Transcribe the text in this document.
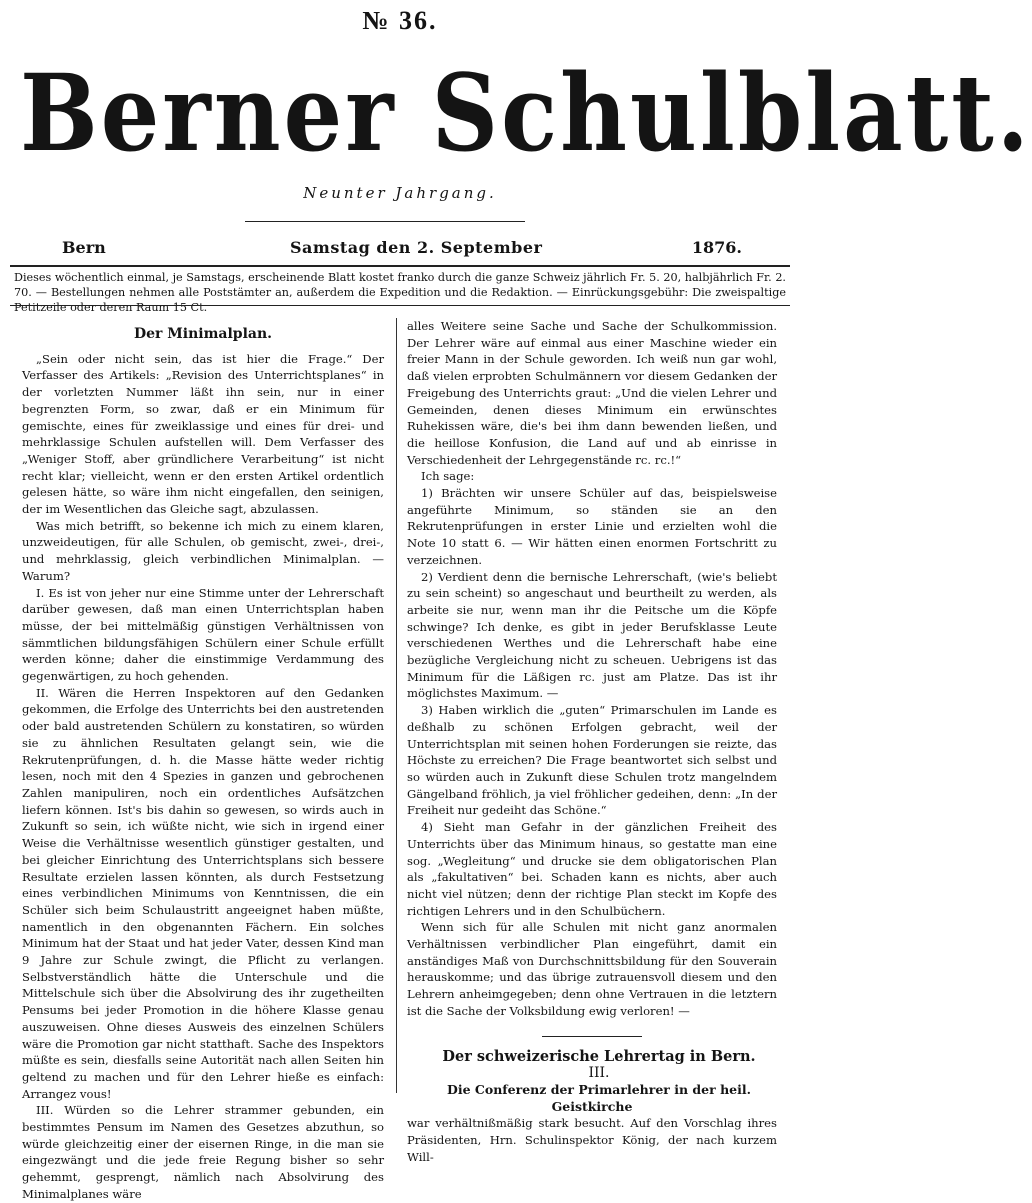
№ 36.
Berner Schulblatt.
Neunter Jahrgang.
Bern	Samstag den 2. September	1876.
Dieses wöchentlich einmal, je Samstags, erscheinende Blatt kostet franko durch die ganze Schweiz jährlich Fr. 5. 20, halbjährlich Fr. 2. 70. — Bestellungen nehmen alle Poststämter an, außerdem die Expedition und die Redaktion. — Einrückungsgebühr: Die zweispaltige Petitzeile oder deren Raum 15 Ct.

Der Minimalplan.

„Sein oder nicht sein, das ist hier die Frage.“ Der Verfasser des Artikels: „Revision des Unterrichtsplanes“ in der vorletzten Nummer läßt ihn sein, nur in einer begrenzten Form, so zwar, daß er ein Minimum für gemischte, eines für zweiklassige und eines für drei- und mehrklassige Schulen aufstellen will. Dem Verfasser des „Weniger Stoff, aber gründlichere Verarbeitung“ ist nicht recht klar; vielleicht, wenn er den ersten Artikel ordentlich gelesen hätte, so wäre ihm nicht eingefallen, den seinigen, der im Wesentlichen das Gleiche sagt, abzulassen.

Was mich betrifft, so bekenne ich mich zu einem klaren, unzweideutigen, für alle Schulen, ob gemischt, zwei-, drei-, und mehrklassig, gleich verbindlichen Minimalplan. — Warum?

I. Es ist von jeher nur eine Stimme unter der Lehrerschaft darüber gewesen, daß man einen Unterrichtsplan haben müsse, der bei mittelmäßig günstigen Verhältnissen von sämmtlichen bildungsfähigen Schülern einer Schule erfüllt werden könne; daher die einstimmige Verdammung des gegenwärtigen, zu hoch gehenden.

II. Wären die Herren Inspektoren auf den Gedanken gekommen, die Erfolge des Unterrichts bei den austretenden oder bald austretenden Schülern zu konstatiren, so würden sie zu ähnlichen Resultaten gelangt sein, wie die Rekrutenprüfungen, d. h. die Masse hätte weder richtig lesen, noch mit den 4 Spezies in ganzen und gebrochenen Zahlen manipuliren, noch ein ordentliches Aufsätzchen liefern können. Ist's bis dahin so gewesen, so wirds auch in Zukunft so sein, ich wüßte nicht, wie sich in irgend einer Weise die Verhältnisse wesentlich günstiger gestalten, und bei gleicher Einrichtung des Unterrichtsplans sich bessere Resultate erzielen lassen könnten, als durch Festsetzung eines verbindlichen Minimums von Kenntnissen, die ein Schüler sich beim Schulaustritt angeeignet haben müßte, namentlich in den obgenannten Fächern. Ein solches Minimum hat der Staat und hat jeder Vater, dessen Kind man 9 Jahre zur Schule zwingt, die Pflicht zu verlangen. Selbstverständlich hätte die Unterschule und die Mittelschule sich über die Absolvirung des ihr zugetheilten Pensums bei jeder Promotion in die höhere Klasse genau auszuweisen. Ohne dieses Ausweis des einzelnen Schülers wäre die Promotion gar nicht statthaft. Sache des Inspektors müßte es sein, diesfalls seine Autorität nach allen Seiten hin geltend zu machen und für den Lehrer hieße es einfach: Arrangez vous!

III. Würden so die Lehrer strammer gebunden, ein bestimmtes Pensum im Namen des Gesetzes abzuthun, so würde gleichzeitig einer der eisernen Ringe, in die man sie eingezwängt und die jede freie Regung bisher so sehr gehemmt, gesprengt, nämlich nach Absolvirung des Minimalplanes wäre

alles Weitere seine Sache und Sache der Schulkommission. Der Lehrer wäre auf einmal aus einer Maschine wieder ein freier Mann in der Schule geworden. Ich weiß nun gar wohl, daß vielen erprobten Schulmännern vor diesem Gedanken der Freigebung des Unterrichts graut: „Und die vielen Lehrer und Gemeinden, denen dieses Minimum ein erwünschtes Ruhekissen wäre, die's bei ihm dann bewenden ließen, und die heillose Konfusion, die Land auf und ab einrisse in Verschiedenheit der Lehrgegenstände rc. rc.!“

Ich sage:

1) Brächten wir unsere Schüler auf das, beispielsweise angeführte Minimum, so ständen sie an den Rekrutenprüfungen in erster Linie und erzielten wohl die Note 10 statt 6. — Wir hätten einen enormen Fortschritt zu verzeichnen.

2) Verdient denn die bernische Lehrerschaft, (wie's beliebt zu sein scheint) so angeschaut und beurtheilt zu werden, als arbeite sie nur, wenn man ihr die Peitsche um die Köpfe schwinge? Ich denke, es gibt in jeder Berufsklasse Leute verschiedenen Werthes und die Lehrerschaft habe eine bezügliche Vergleichung nicht zu scheuen. Uebrigens ist das Minimum für die Läßigen rc. just am Platze. Das ist ihr möglichstes Maximum. —

3) Haben wirklich die „guten“ Primarschulen im Lande es deßhalb zu schönen Erfolgen gebracht, weil der Unterrichtsplan mit seinen hohen Forderungen sie reizte, das Höchste zu erreichen? Die Frage beantwortet sich selbst und so würden auch in Zukunft diese Schulen trotz mangelndem Gängelband fröhlich, ja viel fröhlicher gedeihen, denn: „In der Freiheit nur gedeiht das Schöne.“

4) Sieht man Gefahr in der gänzlichen Freiheit des Unterrichts über das Minimum hinaus, so gestatte man eine sog. „Wegleitung“ und drucke sie dem obligatorischen Plan als „fakultativen“ bei. Schaden kann es nichts, aber auch nicht viel nützen; denn der richtige Plan steckt im Kopfe des richtigen Lehrers und in den Schulbüchern.

Wenn sich für alle Schulen mit nicht ganz anormalen Verhältnissen verbindlicher Plan eingeführt, damit ein anständiges Maß von Durchschnittsbildung für den Souverain herauskomme; und das übrige zutrauensvoll diesem und den Lehrern anheimgegeben; denn ohne Vertrauen in die letztern ist die Sache der Volksbildung ewig verloren! —

Der schweizerische Lehrertag in Bern.

III.

Die Conferenz der Primarlehrer in der heil. Geistkirche

war verhältnißmäßig stark besucht. Auf den Vorschlag ihres Präsidenten, Hrn. Schulinspektor König, der nach kurzem Will-
